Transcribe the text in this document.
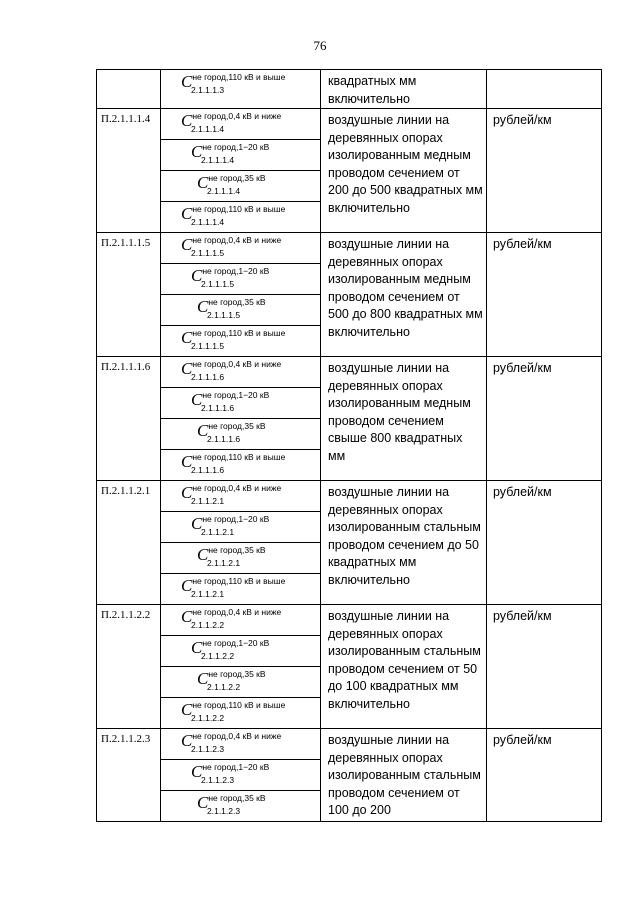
76

	$C^{не город,110 кВ и выше}$
2.1.1.1.3	квадратных мм включительно	
П.2.1.1.1.4	$C^{не город,0,4 кВ и ниже}$
2.1.1.1.4	воздушные линии на деревянных опорах изолированным медным проводом сечением от 200 до 500 квадратных мм включительно	рублей/км

	$C^{не город,1-20 кВ}$
2.1.1.1.4		

	$C^{не город,35 кВ}$
2.1.1.1.4		

	$C^{не город,110 кВ и выше}$
2.1.1.1.4		

П.2.1.1.1.5	$C^{не город,0,4 кВ и ниже}$
2.1.1.1.5	воздушные линии на деревянных опорах изолированным медным проводом сечением от 500 до 800 квадратных мм включительно	рублей/км

	$C^{не город,1-20 кВ}$
2.1.1.1.5		

	$C^{не город,35 кВ}$
2.1.1.1.5		

	$C^{не город,110 кВ и выше}$
2.1.1.1.5		

П.2.1.1.1.6	$C^{не город,0,4 кВ и ниже}$
2.1.1.1.6	воздушные линии на деревянных опорах изолированным медным проводом сечением свыше 800 квадратных мм	рублей/км

	$C^{не город,1-20 кВ}$
2.1.1.1.6		

	$C^{не город,35 кВ}$
2.1.1.1.6		

	$C^{не город,110 кВ и выше}$
2.1.1.1.6		

П.2.1.1.2.1	$C^{не город,0,4 кВ и ниже}$
2.1.1.2.1	воздушные линии на деревянных опорах изолированным стальным проводом сечением до 50 квадратных мм включительно	рублей/км

	$C^{не город,1-20 кВ}$
2.1.1.2.1		

	$C^{не город,35 кВ}$
2.1.1.2.1		

	$C^{не город,110 кВ и выше}$
2.1.1.2.1		

П.2.1.1.2.2	$C^{не город,0,4 кВ и ниже}$
2.1.1.2.2	воздушные линии на деревянных опорах изолированным стальным проводом сечением от 50 до 100 квадратных мм включительно	рублей/км

	$C^{не город,1-20 кВ}$
2.1.1.2.2		

	$C^{не город,35 кВ}$
2.1.1.2.2		

	$C^{не город,110 кВ и выше}$
2.1.1.2.2		

П.2.1.1.2.3	$C^{не город,0,4 кВ и ниже}$
2.1.1.2.3	воздушные линии на деревянных опорах изолированным стальным проводом сечением от 100 до 200	рублей/км

	$C^{не город,1-20 кВ}$
2.1.1.2.3		

	$C^{не город,35 кВ}$
2.1.1.2.3		
